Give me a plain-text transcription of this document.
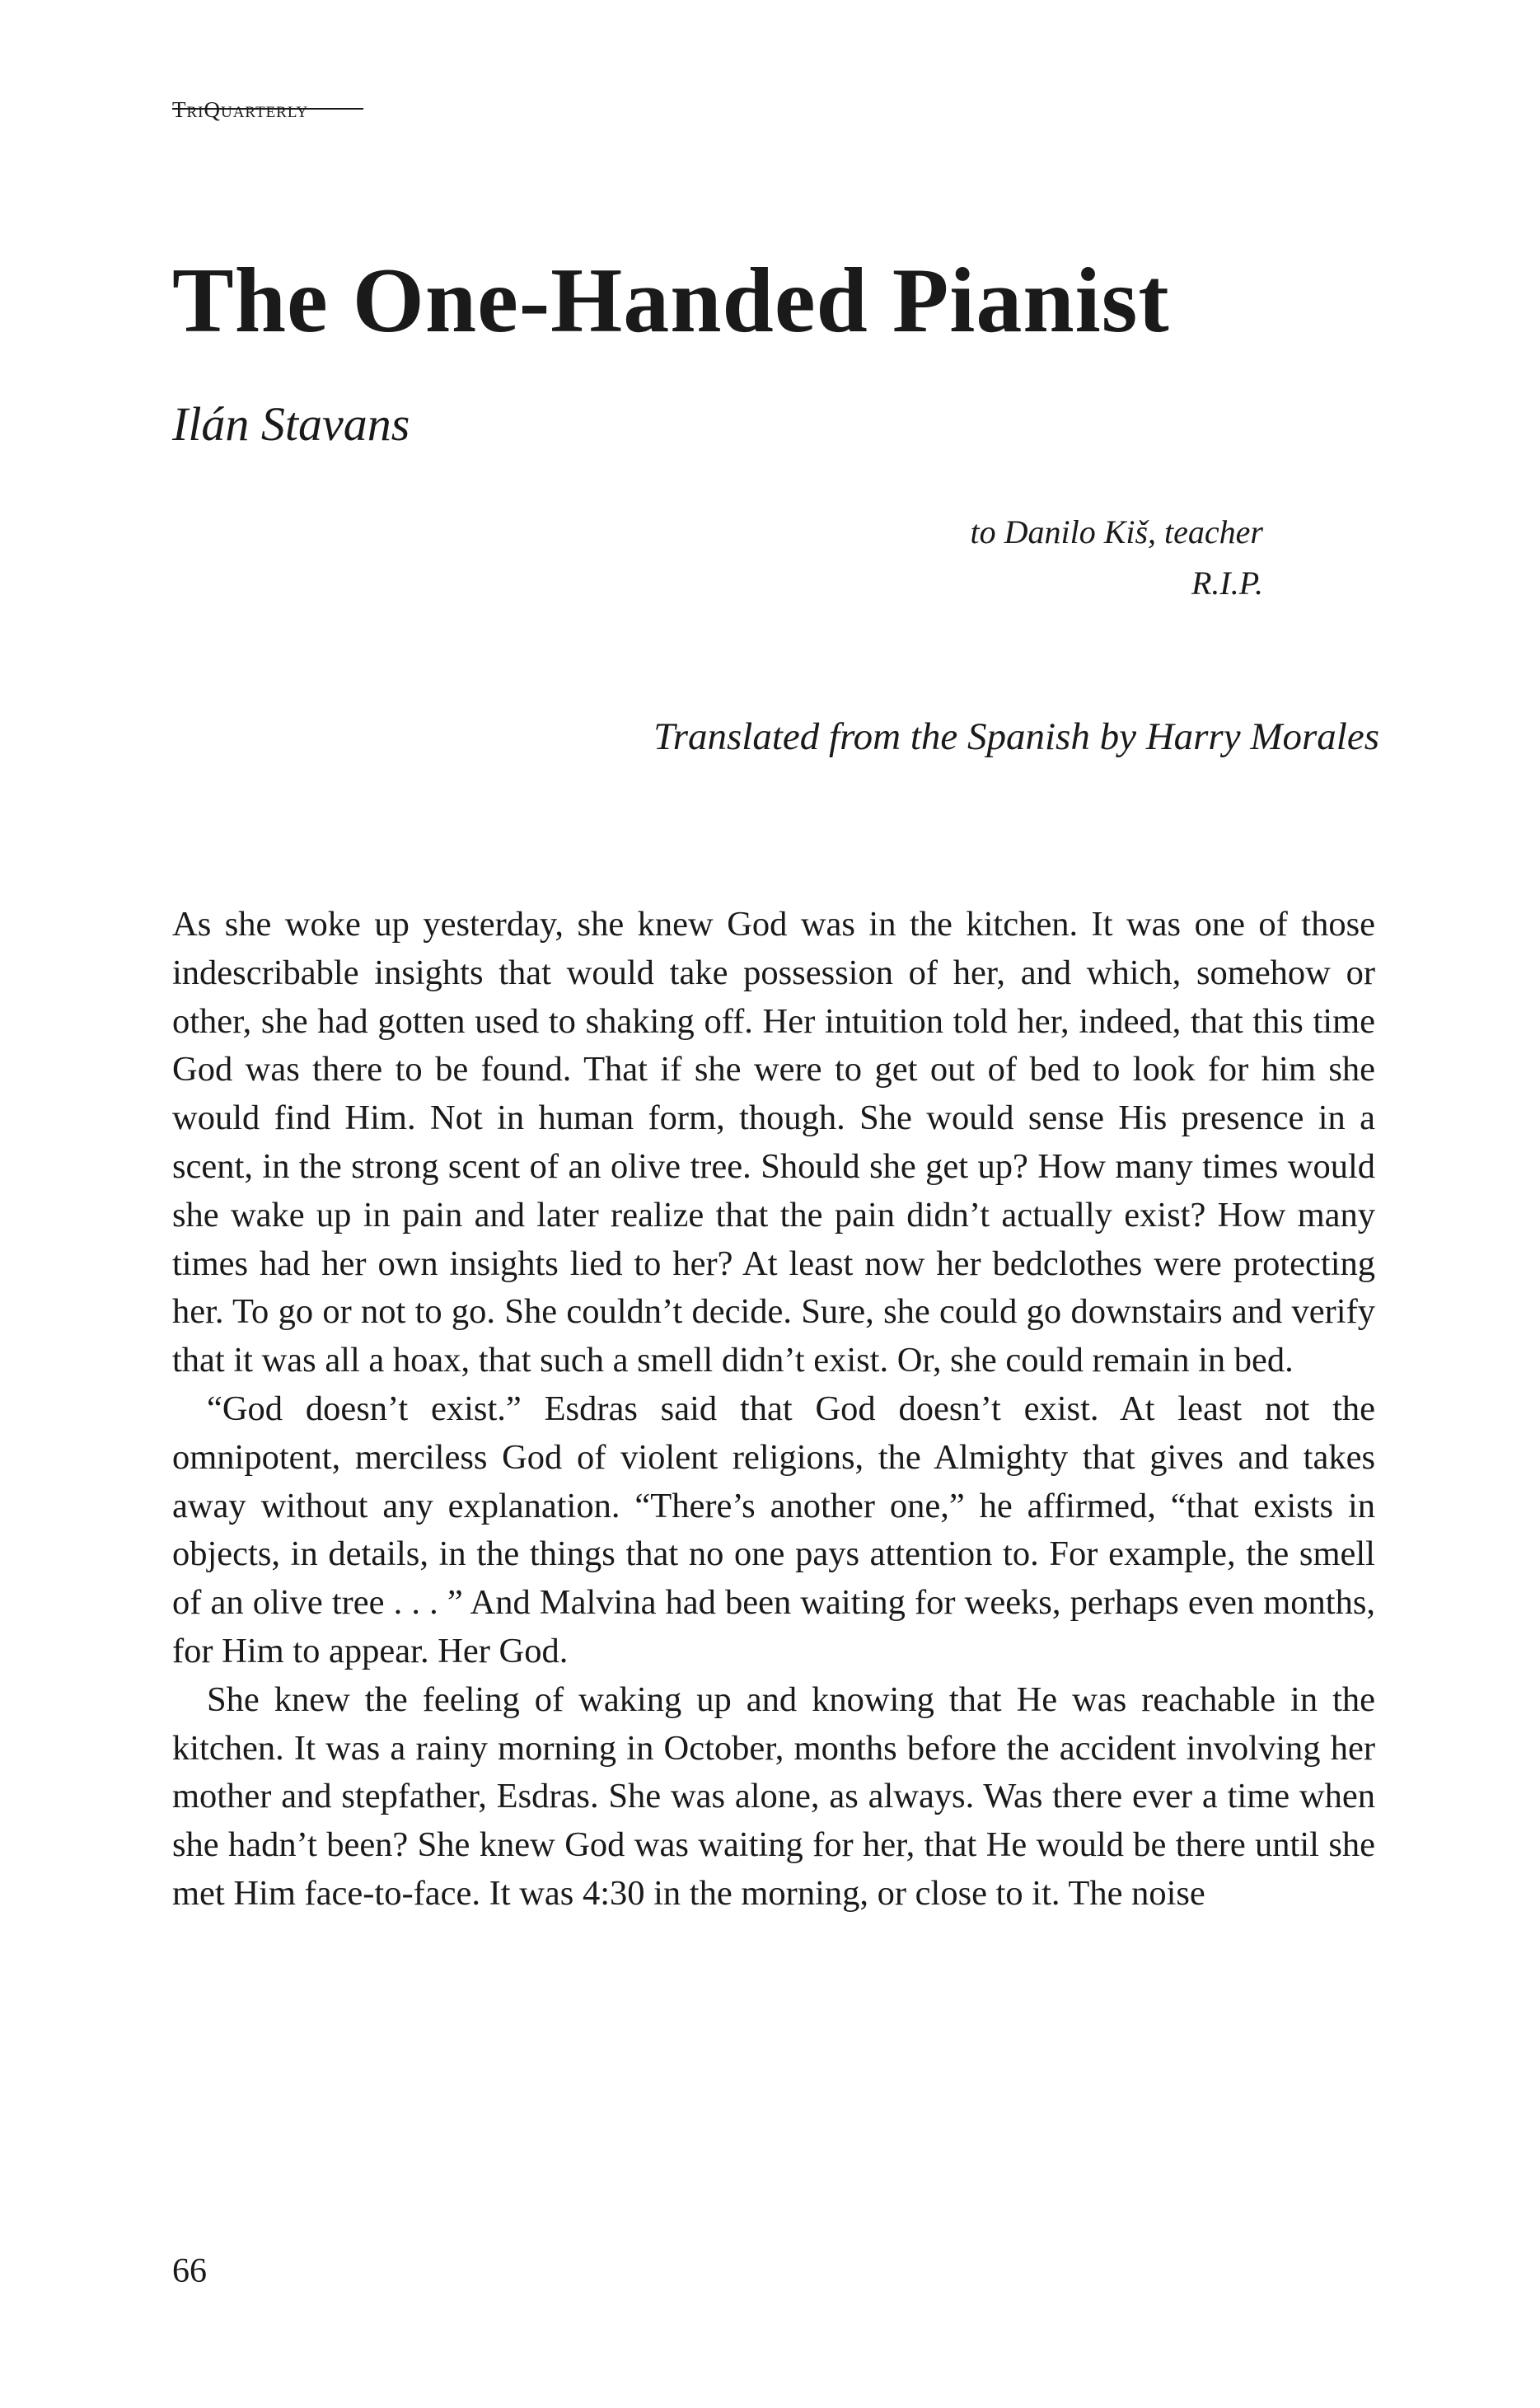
TriQuarterly
The One-Handed Pianist
Ilán Stavans
to Danilo Kiš, teacher
R.I.P.
Translated from the Spanish by Harry Morales

As she woke up yesterday, she knew God was in the kitchen. It was one of those indescribable insights that would take possession of her, and which, somehow or other, she had gotten used to shaking off. Her intuition told her, indeed, that this time God was there to be found. That if she were to get out of bed to look for him she would find Him. Not in human form, though. She would sense His presence in a scent, in the strong scent of an olive tree. Should she get up? How many times would she wake up in pain and later realize that the pain didn’t actually exist? How many times had her own insights lied to her? At least now her bedclothes were protecting her. To go or not to go. She couldn’t decide. Sure, she could go downstairs and verify that it was all a hoax, that such a smell didn’t exist. Or, she could remain in bed.

“God doesn’t exist.” Esdras said that God doesn’t exist. At least not the omnipotent, merciless God of violent religions, the Almighty that gives and takes away without any explanation. “There’s another one,” he affirmed, “that exists in objects, in details, in the things that no one pays attention to. For example, the smell of an olive tree . . . ” And Malvina had been waiting for weeks, perhaps even months, for Him to appear. Her God.

She knew the feeling of waking up and knowing that He was reachable in the kitchen. It was a rainy morning in October, months before the accident involving her mother and stepfather, Esdras. She was alone, as always. Was there ever a time when she hadn’t been? She knew God was waiting for her, that He would be there until she met Him face-to-face. It was 4:30 in the morning, or close to it. The noise

66
